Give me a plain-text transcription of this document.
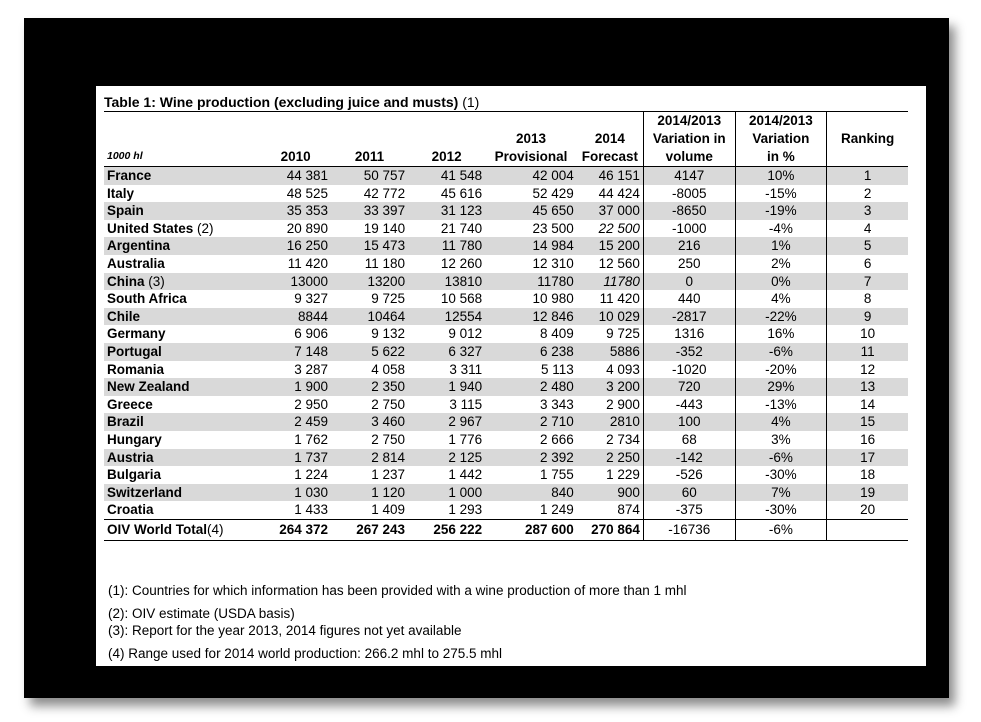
Table 1: Wine production (excluding juice and musts) (1)
						2014/2013	2014/2013	
				2013	2014	Variation in	Variation	Ranking
1000 hl	2010	2011	2012	Provisional	Forecast	volume	in %	
France	44 381	50 757	41 548	42 004	46 151	4147	10%	1
Italy	48 525	42 772	45 616	52 429	44 424	-8005	-15%	2
Spain	35 353	33 397	31 123	45 650	37 000	-8650	-19%	3
United States (2)	20 890	19 140	21 740	23 500	22 500	-1000	-4%	4
Argentina	16 250	15 473	11 780	14 984	15 200	216	1%	5
Australia	11 420	11 180	12 260	12 310	12 560	250	2%	6
China (3)	13000	13200	13810	11780	11780	0	0%	7
South Africa	9 327	9 725	10 568	10 980	11 420	440	4%	8
Chile	8844	10464	12554	12 846	10 029	-2817	-22%	9
Germany	6 906	9 132	9 012	8 409	9 725	1316	16%	10
Portugal	7 148	5 622	6 327	6 238	5886	-352	-6%	11
Romania	3 287	4 058	3 311	5 113	4 093	-1020	-20%	12
New Zealand	1 900	2 350	1 940	2 480	3 200	720	29%	13
Greece	2 950	2 750	3 115	3 343	2 900	-443	-13%	14
Brazil	2 459	3 460	2 967	2 710	2810	100	4%	15
Hungary	1 762	2 750	1 776	2 666	2 734	68	3%	16
Austria	1 737	2 814	2 125	2 392	2 250	-142	-6%	17
Bulgaria	1 224	1 237	1 442	1 755	1 229	-526	-30%	18
Switzerland	1 030	1 120	1 000	840	900	60	7%	19
Croatia	1 433	1 409	1 293	1 249	874	-375	-30%	20
OIV World Total(4)	264 372	267 243	256 222	287 600	270 864	-16736	-6%	
(1): Countries for which information has been provided with a wine production of more than 1 mhl
(2): OIV estimate (USDA basis)
(3): Report for the year 2013, 2014 figures not yet available
(4) Range used for 2014 world production: 266.2 mhl to 275.5 mhl
